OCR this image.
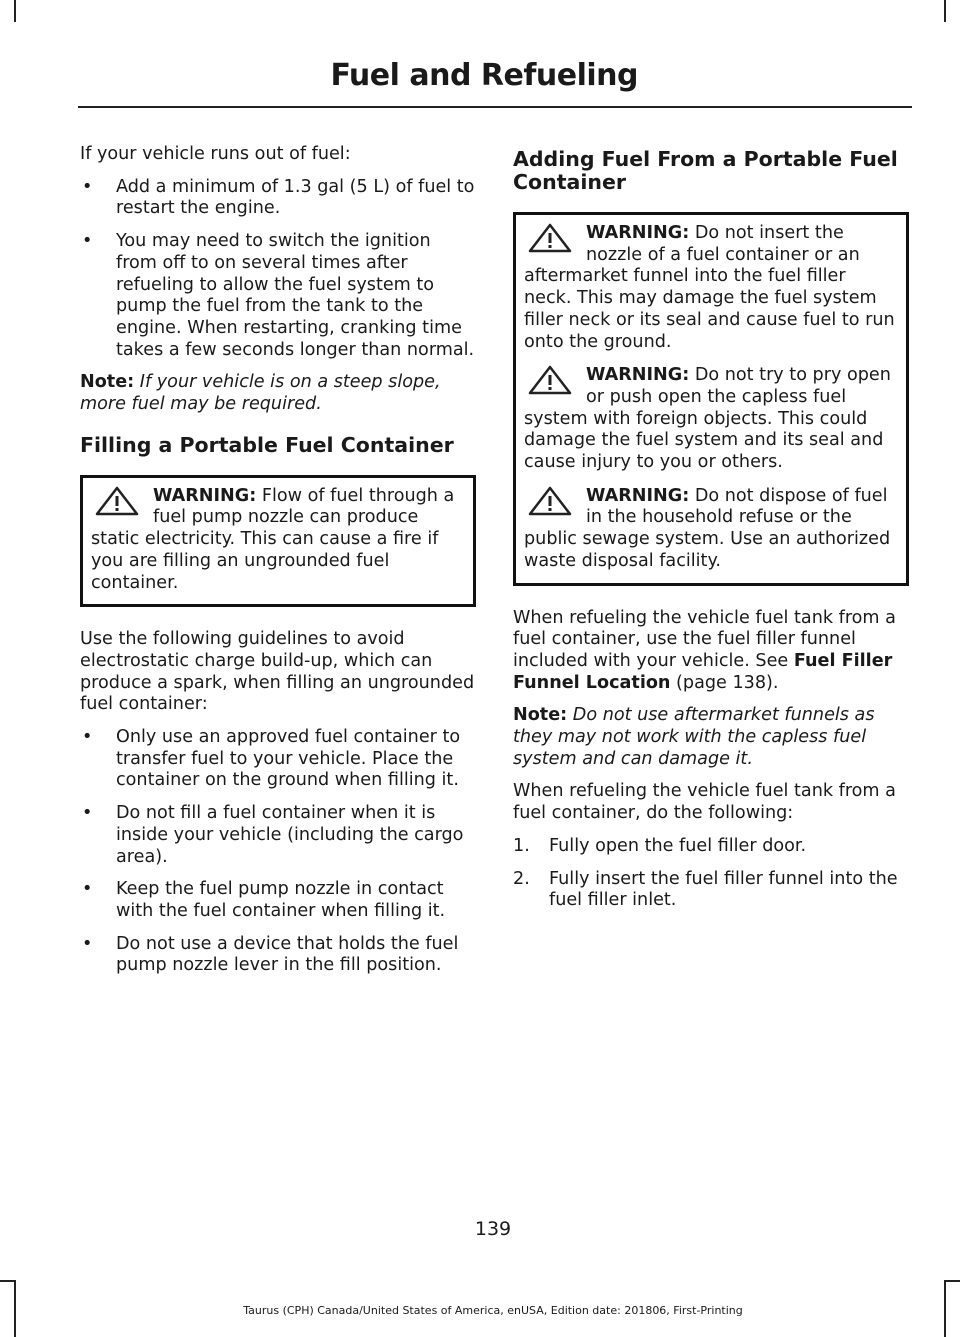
Fuel and Refueling

If your vehicle runs out of fuel:

• Add a minimum of 1.3 gal (5 L) of fuel to restart the engine.
• You may need to switch the ignition from off to on several times after refueling to allow the fuel system to pump the fuel from the tank to the engine. When restarting, cranking time takes a few seconds longer than normal.

Note: If your vehicle is on a steep slope, more fuel may be required.

Filling a Portable Fuel Container
WARNING: Flow of fuel through a fuel pump nozzle can produce static electricity. This can cause a fire if you are filling an ungrounded fuel container.

Use the following guidelines to avoid electrostatic charge build-up, which can produce a spark, when filling an ungrounded fuel container:

• Only use an approved fuel container to transfer fuel to your vehicle. Place the container on the ground when filling it.
• Do not fill a fuel container when it is inside your vehicle (including the cargo area).
• Keep the fuel pump nozzle in contact with the fuel container when filling it.
• Do not use a device that holds the fuel pump nozzle lever in the fill position.
Adding Fuel From a Portable Fuel Container
WARNING: Do not insert the nozzle of a fuel container or an aftermarket funnel into the fuel filler neck. This may damage the fuel system filler neck or its seal and cause fuel to run onto the ground.
WARNING: Do not try to pry open or push open the capless fuel system with foreign objects. This could damage the fuel system and its seal and cause injury to you or others.
WARNING: Do not dispose of fuel in the household refuse or the public sewage system. Use an authorized waste disposal facility.

When refueling the vehicle fuel tank from a fuel container, use the fuel filler funnel included with your vehicle. See Fuel Filler Funnel Location (page 138).

Note: Do not use aftermarket funnels as they may not work with the capless fuel system and can damage it.

When refueling the vehicle fuel tank from a fuel container, do the following:

1. Fully open the fuel filler door.
2. Fully insert the fuel filler funnel into the fuel filler inlet.
139
Taurus (CPH) Canada/United States of America, enUSA, Edition date: 201806, First-Printing
